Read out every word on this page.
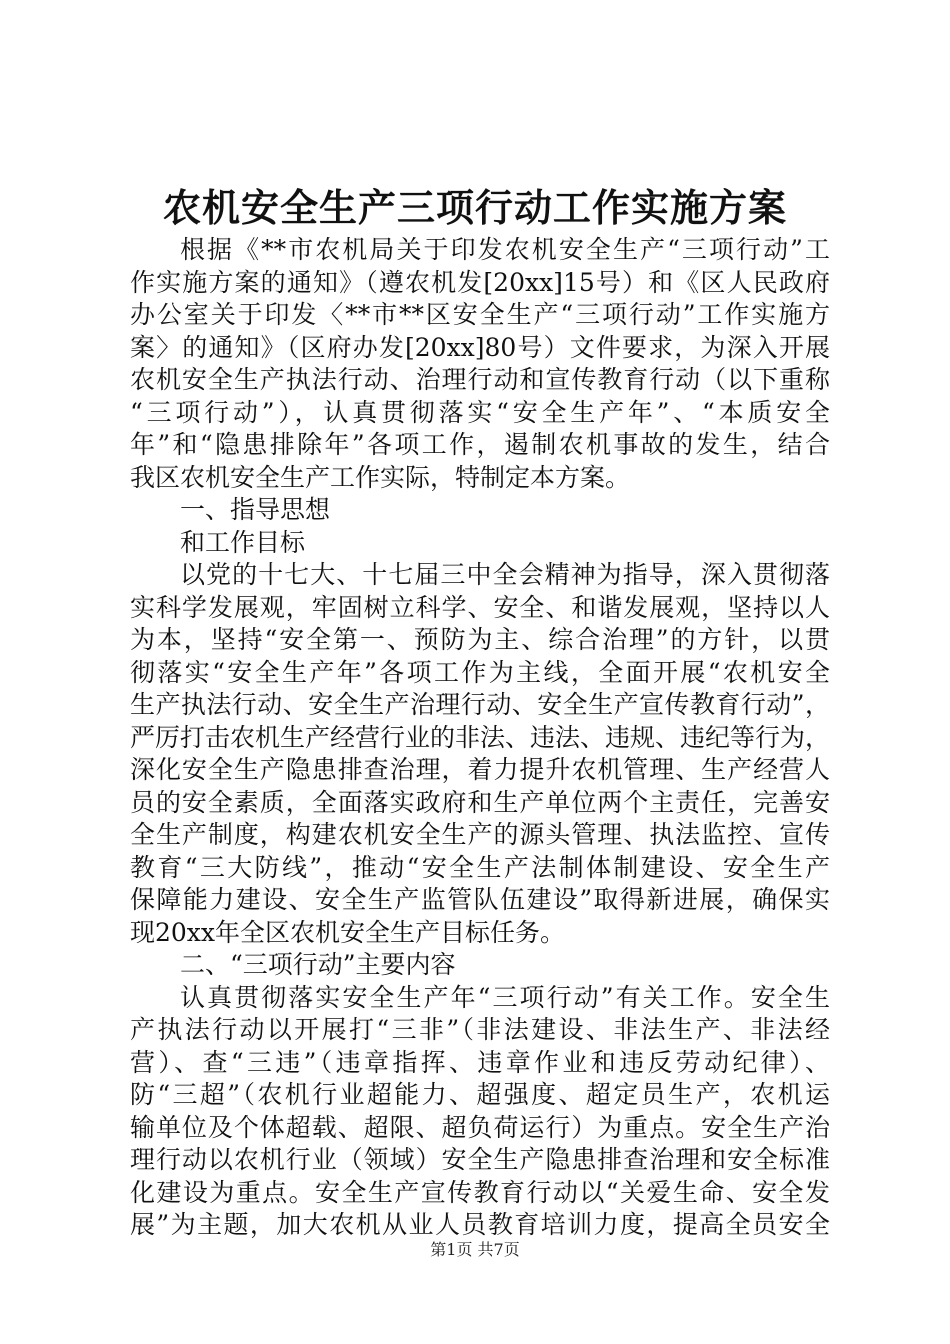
农机安全生产三项行动工作实施方案
根据《**市农机局关于印发农机安全生产“三项行动”工
作实施方案的通知》（遵农机发[20xx]15号）和《区人民政府
办公室关于印发〈**市**区安全生产“三项行动”工作实施方
案〉的通知》（区府办发[20xx]80号）文件要求，为深入开展
农机安全生产执法行动、治理行动和宣传教育行动（以下重称
“三项行动”），认真贯彻落实“安全生产年”、“本质安全
年”和“隐患排除年”各项工作，遏制农机事故的发生，结合
我区农机安全生产工作实际，特制定本方案。
一、指导思想
和工作目标
以党的十七大、十七届三中全会精神为指导，深入贯彻落
实科学发展观，牢固树立科学、安全、和谐发展观，坚持以人
为本，坚持“安全第一、预防为主、综合治理”的方针，以贯
彻落实“安全生产年”各项工作为主线，全面开展“农机安全
生产执法行动、安全生产治理行动、安全生产宣传教育行动”，
严厉打击农机生产经营行业的非法、违法、违规、违纪等行为，
深化安全生产隐患排查治理，着力提升农机管理、生产经营人
员的安全素质，全面落实政府和生产单位两个主责任，完善安
全生产制度，构建农机安全生产的源头管理、执法监控、宣传
教育“三大防线”，推动“安全生产法制体制建设、安全生产
保障能力建设、安全生产监管队伍建设”取得新进展，确保实
现20xx年全区农机安全生产目标任务。
二、“三项行动”主要内容
认真贯彻落实安全生产年“三项行动”有关工作。安全生
产执法行动以开展打“三非”（非法建设、非法生产、非法经
营）、查“三违”（违章指挥、违章作业和违反劳动纪律）、
防“三超”（农机行业超能力、超强度、超定员生产，农机运
输单位及个体超载、超限、超负荷运行）为重点。安全生产治
理行动以农机行业（领域）安全生产隐患排查治理和安全标准
化建设为重点。安全生产宣传教育行动以“关爱生命、安全发
展”为主题，加大农机从业人员教育培训力度，提高全员安全
第1页 共7页
